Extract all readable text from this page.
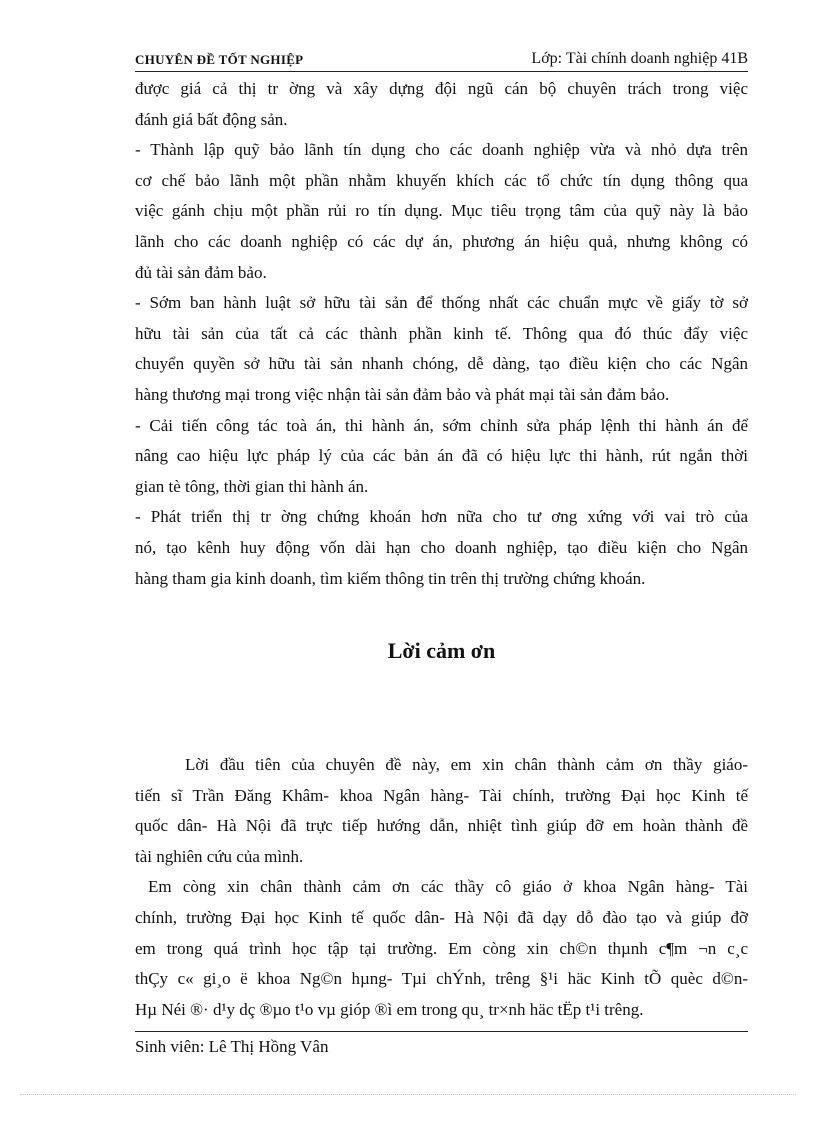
CHUYÊN ĐỀ TỐT NGHIỆP	Lớp: Tài chính doanh nghiệp 41B
được giá cả thị tr ờng và xây dựng đội ngũ cán bộ chuyên trách trong việc
đánh giá bất động sản.
- Thành lập quỹ bảo lãnh tín dụng cho các doanh nghiệp vừa và nhỏ dựa trên
cơ chế bảo lãnh một phần nhằm khuyến khích các tổ chức tín dụng thông qua
việc gánh chịu một phần rủi ro tín dụng. Mục tiêu trọng tâm của quỹ này là bảo
lãnh cho các doanh nghiệp có các dự án, phương án hiệu quả, nhưng không có
đủ tài sản đảm bảo.
- Sớm ban hành luật sở hữu tài sản để thống nhất các chuẩn mực về giấy tờ sở
hữu tài sản của tất cả các thành phần kinh tế. Thông qua đó thúc đẩy việc
chuyển quyền sở hữu tài sản nhanh chóng, dễ dàng, tạo điều kiện cho các Ngân
hàng thương mại trong việc nhận tài sản đảm bảo và phát mại tài sản đảm bảo.
- Cải tiến công tác toà án, thi hành án, sớm chỉnh sửa pháp lệnh thi hành án để
nâng cao hiệu lực pháp lý của các bản án đã có hiệu lực thi hành, rút ngắn thời
gian tè tông, thời gian thi hành án.
- Phát triển thị tr ờng chứng khoán hơn nữa cho tư ơng xứng với vai trò của
nó, tạo kênh huy động vốn dài hạn cho doanh nghiệp, tạo điều kiện cho Ngân
hàng tham gia kinh doanh, tìm kiếm thông tin trên thị trường chứng khoán.
Lời cảm ơn
Lời đầu tiên của chuyên đề này, em xin chân thành cảm ơn thầy giáo-
tiến sĩ Trần Đăng Khâm- khoa Ngân hàng- Tài chính, trường Đại học Kinh tế
quốc dân- Hà Nội đã trực tiếp hướng dẫn, nhiệt tình giúp đỡ em hoàn thành đề
tài nghiên cứu của mình.
Em còng xin chân thành cảm ơn các thầy cô giáo ở khoa Ngân hàng- Tài
chính, trường Đại học Kinh tế quốc dân- Hà Nội đã dạy dỗ đào tạo và giúp đỡ
em trong quá trình học tập tại trường. Em còng xin ch©n thµnh c¶m ¬n c¸c
thÇy c« gi¸o ë khoa Ng©n hµng- Tµi chÝnh, trêng §¹i häc Kinh tÕ quèc d©n-
Hµ Néi ®· d¹y dç ®µo t¹o vµ gióp ®ì em trong qu¸ tr×nh häc tËp t¹i trêng.
Sinh viên: Lê Thị Hồng Vân
